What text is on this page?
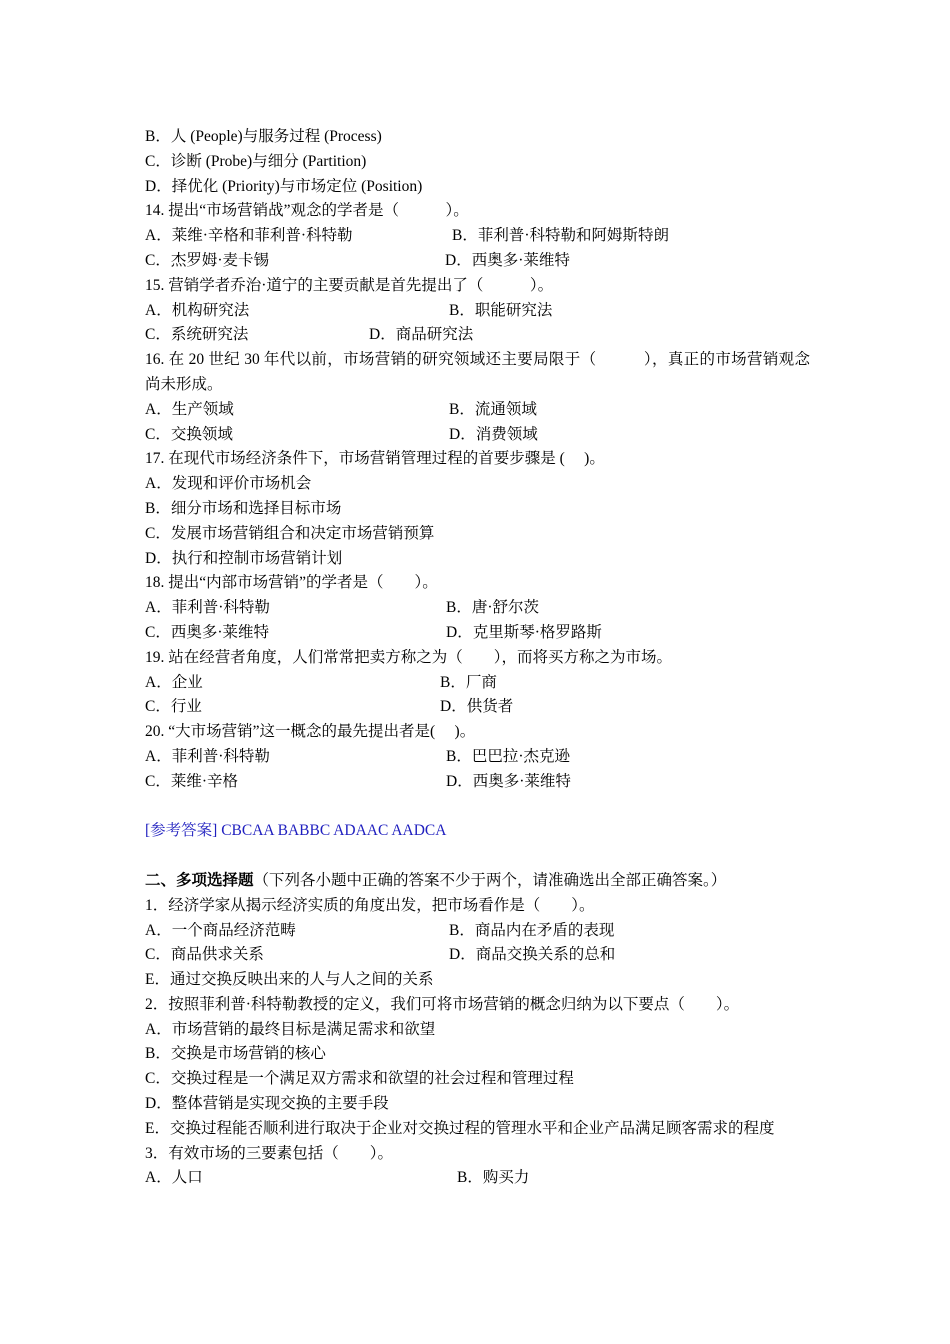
B．人 (People)与服务过程 (Process)
C．诊断 (Probe)与细分 (Partition)
D．择优化 (Priority)与市场定位 (Position)
14. 提出“市场营销战”观念的学者是（　　　）。
A．莱维·辛格和菲利普·科特勒	B．菲利普·科特勒和阿姆斯特朗
C．杰罗姆·麦卡锡	D．西奥多·莱维特
15. 营销学者乔治·道宁的主要贡献是首先提出了（　　　）。
A．机构研究法	B．职能研究法
C．系统研究法	D．商品研究法
16. 在 20 世纪 30 年代以前，市场营销的研究领域还主要局限于（　　　），真正的市场营销观念尚未形成。
A．生产领域	B．流通领域
C．交换领域	D．消费领域
17. 在现代市场经济条件下，市场营销管理过程的首要步骤是 (　 )。
A．发现和评价市场机会
B．细分市场和选择目标市场
C．发展市场营销组合和决定市场营销预算
D．执行和控制市场营销计划
18. 提出“内部市场营销”的学者是（　　）。
A．菲利普·科特勒	B．唐·舒尔茨
C．西奥多·莱维特	D．克里斯琴·格罗路斯
19. 站在经营者角度，人们常常把卖方称之为（　　），而将买方称之为市场。
A．企业	B．厂商
C．行业	D．供货者
20. “大市场营销”这一概念的最先提出者是(　 )。
A．菲利普·科特勒	B．巴巴拉·杰克逊
C．莱维·辛格	D．西奥多·莱维特
[参考答案] CBCAA BABBC ADAAC AADCA
二、多项选择题（下列各小题中正确的答案不少于两个，请准确选出全部正确答案。）
1．经济学家从揭示经济实质的角度出发，把市场看作是（　　）。
A．一个商品经济范畴	B．商品内在矛盾的表现
C．商品供求关系	D．商品交换关系的总和
E．通过交换反映出来的人与人之间的关系
2．按照菲利普·科特勒教授的定义，我们可将市场营销的概念归纳为以下要点（　　）。
A．市场营销的最终目标是满足需求和欲望
B．交换是市场营销的核心
C．交换过程是一个满足双方需求和欲望的社会过程和管理过程
D．整体营销是实现交换的主要手段
E．交换过程能否顺利进行取决于企业对交换过程的管理水平和企业产品满足顾客需求的程度
3．有效市场的三要素包括（　　）。
A．人口	B．购买力
